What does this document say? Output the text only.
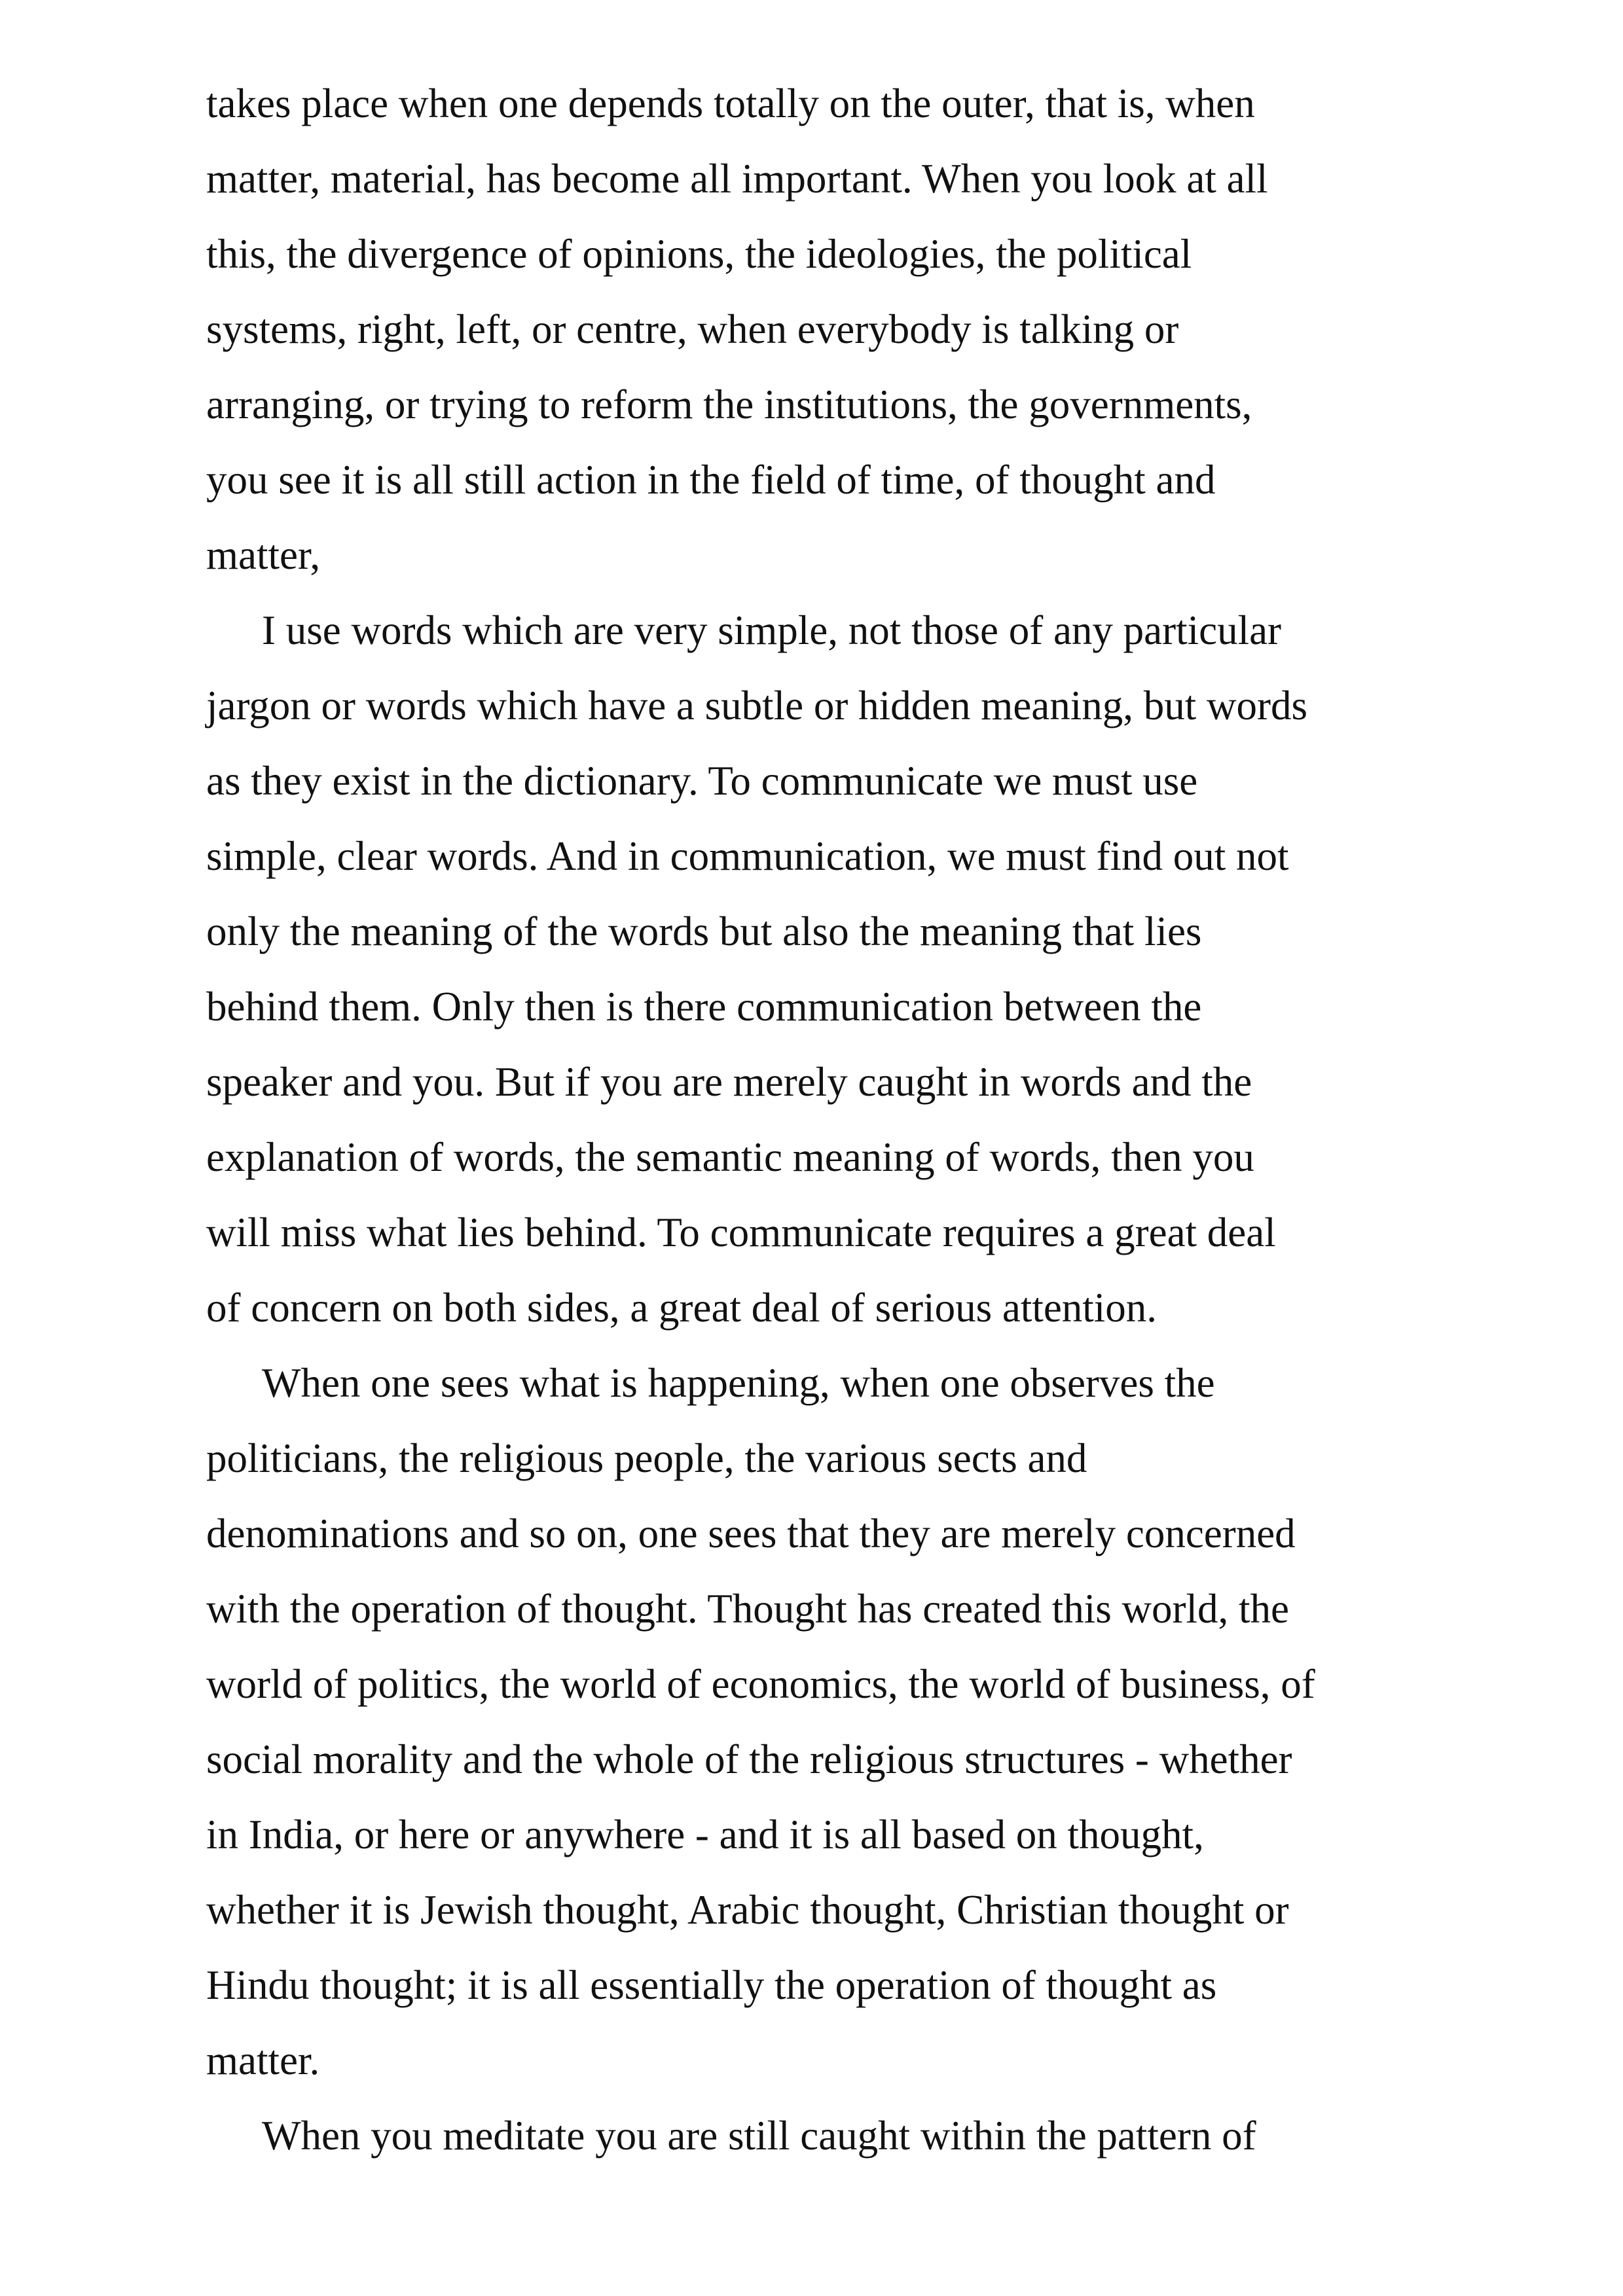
takes place when one depends totally on the outer, that is, when

matter, material, has become all important. When you look at all

this, the divergence of opinions, the ideologies, the political

systems, right, left, or centre, when everybody is talking or

arranging, or trying to reform the institutions, the governments,

you see it is all still action in the field of time, of thought and

matter,

I use words which are very simple, not those of any particular

jargon or words which have a subtle or hidden meaning, but words

as they exist in the dictionary. To communicate we must use

simple, clear words. And in communication, we must find out not

only the meaning of the words but also the meaning that lies

behind them. Only then is there communication between the

speaker and you. But if you are merely caught in words and the

explanation of words, the semantic meaning of words, then you

will miss what lies behind. To communicate requires a great deal

of concern on both sides, a great deal of serious attention.

When one sees what is happening, when one observes the

politicians, the religious people, the various sects and

denominations and so on, one sees that they are merely concerned

with the operation of thought. Thought has created this world, the

world of politics, the world of economics, the world of business, of

social morality and the whole of the religious structures - whether

in India, or here or anywhere - and it is all based on thought,

whether it is Jewish thought, Arabic thought, Christian thought or

Hindu thought; it is all essentially the operation of thought as

matter.

When you meditate you are still caught within the pattern of
